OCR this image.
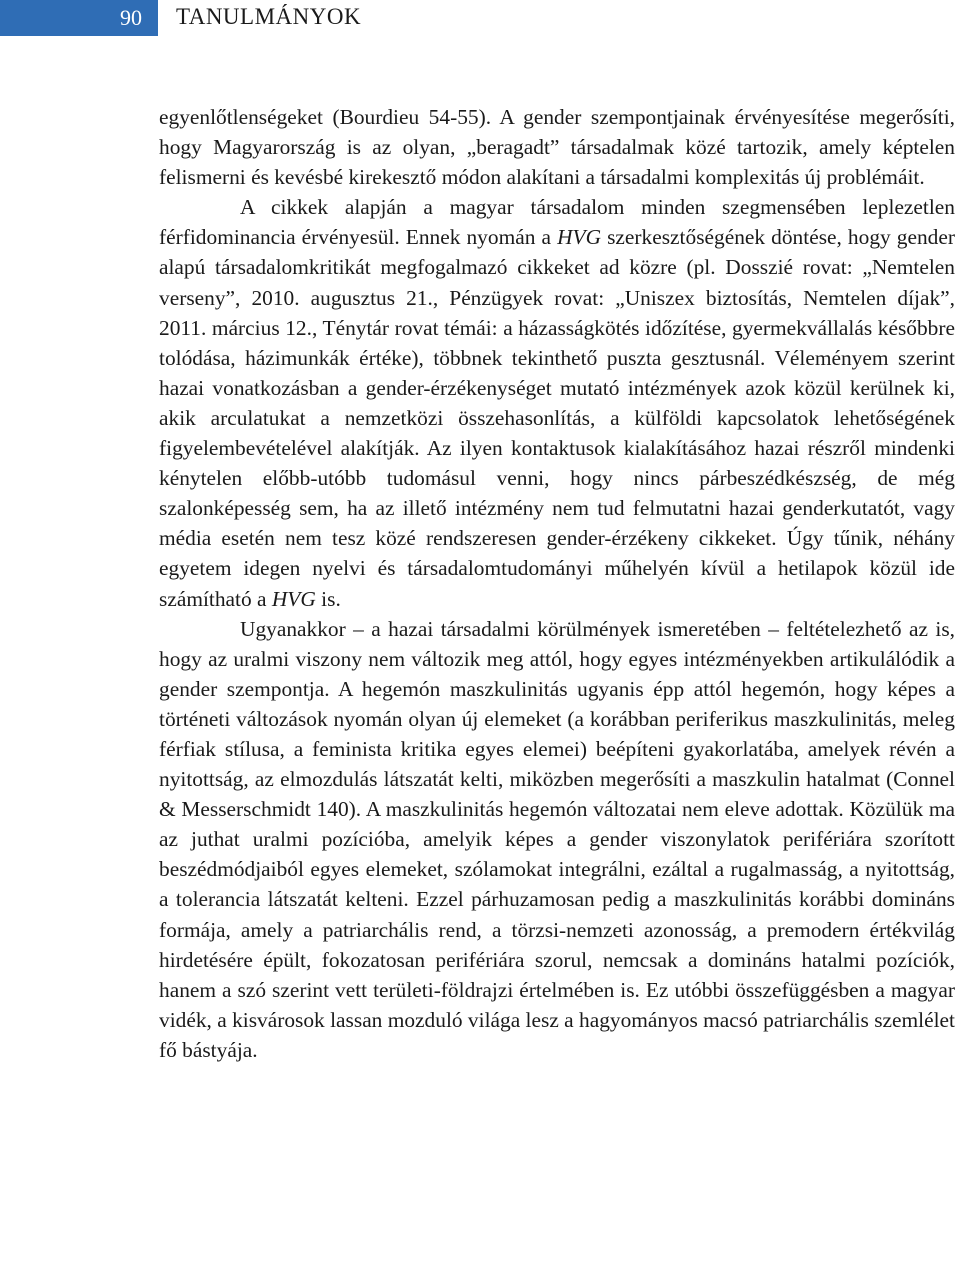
90	TANULMÁNYOK

egyenlőtlenségeket (Bourdieu 54-55). A gender szempontjainak érvényesítése megerősíti, hogy Magyarország is az olyan, „beragadt” társadalmak közé tartozik, amely képtelen felismerni és kevésbé kirekesztő módon alakítani a társadalmi komplexitás új problémáit.

A cikkek alapján a magyar társadalom minden szegmensében leplezetlen férfidominancia érvényesül. Ennek nyomán a HVG szerkesztőségének döntése, hogy gender alapú társadalomkritikát megfogalmazó cikkeket ad közre (pl. Dosszié rovat: „Nemtelen verseny”, 2010. augusztus 21., Pénzügyek rovat: „Uniszex biztosítás, Nemtelen díjak”, 2011. március 12., Ténytár rovat témái: a házasságkötés időzítése, gyermekvállalás későbbre tolódása, házimunkák értéke), többnek tekinthető puszta gesztusnál. Véleményem szerint hazai vonatkozásban a gender-érzékenységet mutató intézmények azok közül kerülnek ki, akik arculatukat a nemzetközi összehasonlítás, a külföldi kapcsolatok lehetőségének figyelembevételével alakítják. Az ilyen kontaktusok kialakításához hazai részről mindenki kénytelen előbb-utóbb tudomásul venni, hogy nincs párbeszédkészség, de még szalonképesség sem, ha az illető intézmény nem tud felmutatni hazai genderkutatót, vagy média esetén nem tesz közé rendszeresen gender-érzékeny cikkeket. Úgy tűnik, néhány egyetem idegen nyelvi és társadalomtudományi műhelyén kívül a hetilapok közül ide számítható a HVG is.

Ugyanakkor – a hazai társadalmi körülmények ismeretében – feltételezhető az is, hogy az uralmi viszony nem változik meg attól, hogy egyes intézményekben artikulálódik a gender szempontja. A hegemón maszkulinitás ugyanis épp attól hegemón, hogy képes a történeti változások nyomán olyan új elemeket (a korábban periferikus maszkulinitás, meleg férfiak stílusa, a feminista kritika egyes elemei) beépíteni gyakorlatába, amelyek révén a nyitottság, az elmozdulás látszatát kelti, miközben megerősíti a maszkulin hatalmat (Connel & Messerschmidt 140). A maszkulinitás hegemón változatai nem eleve adottak. Közülük ma az juthat uralmi pozícióba, amelyik képes a gender viszonylatok perifériára szorított beszédmódjaiból egyes elemeket, szólamokat integrálni, ezáltal a rugalmasság, a nyitottság, a tolerancia látszatát kelteni. Ezzel párhuzamosan pedig a maszkulinitás korábbi domináns formája, amely a patriarchális rend, a törzsi-nemzeti azonosság, a premodern értékvilág hirdetésére épült, fokozatosan perifériára szorul, nemcsak a domináns hatalmi pozíciók, hanem a szó szerint vett területi-földrajzi értelmében is. Ez utóbbi összefüggésben a magyar vidék, a kisvárosok lassan mozduló világa lesz a hagyományos macsó patriarchális szemlélet fő bástyája.
